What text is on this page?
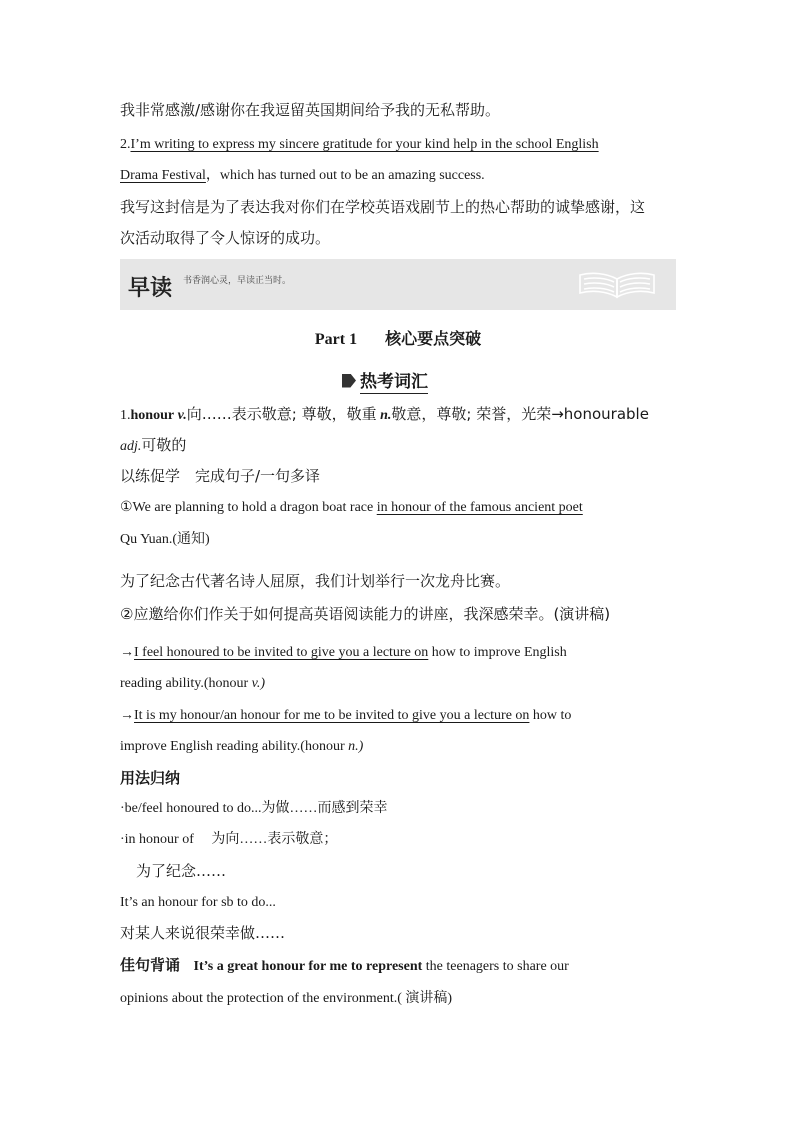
我非常感激/感谢你在我逗留英国期间给予我的无私帮助。
2.I’m writing to express my sincere gratitude for your kind help in the school English
Drama Festival，which has turned out to be an amazing success.
我写这封信是为了表达我对你们在学校英语戏剧节上的热心帮助的诚挚感谢，这
次活动取得了令人惊讶的成功。
早读 书香润心灵，早读正当时。
Part 1 核心要点突破
热考词汇
1.honour v.向……表示敬意; 尊敬，敬重 n.敬意，尊敬; 荣誉，光荣→honourable
adj.可敬的
以练促学　完成句子/一句多译
①We are planning to hold a dragon boat race in honour of the famous ancient poet
Qu Yuan.(通知)
为了纪念古代著名诗人屈原，我们计划举行一次龙舟比赛。
②应邀给你们作关于如何提高英语阅读能力的讲座，我深感荣幸。(演讲稿)
→I feel honoured to be invited to give you a lecture on how to improve English
reading ability.(honour v.)
→It is my honour/an honour for me to be invited to give you a lecture on how to
improve English reading ability.(honour n.)
用法归纳
·be/feel honoured to do...为做……而感到荣幸
·in honour of 　为向……表示敬意；
为了纪念……
It’s an honour for sb to do...
对某人来说很荣幸做……
佳句背诵 It’s a great honour for me to represent the teenagers to share our
opinions about the protection of the environment.( 演讲稿)
